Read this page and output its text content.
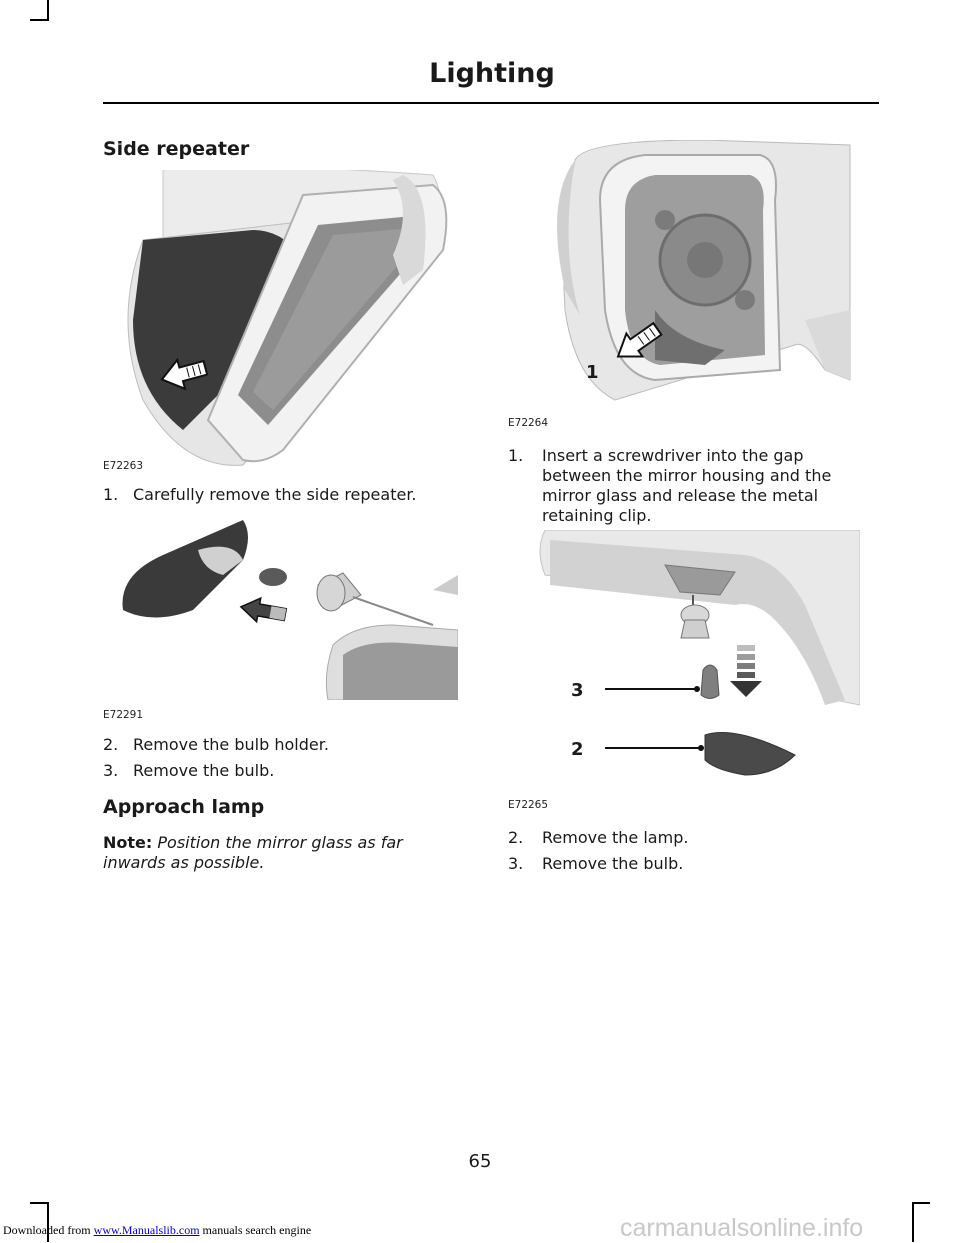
Lighting
Side repeater
E72263
1. Carefully remove the side repeater.
E72291
2. Remove the bulb holder.
3. Remove the bulb.
Approach lamp
Note: Position the mirror glass as far inwards as possible.
1
E72264
1.	Insert a screwdriver into the gap between the mirror housing and the mirror glass and release the metal retaining clip.
3
2
E72265
2. Remove the lamp.
3. Remove the bulb.
65
Downloaded from www.Manualslib.com manuals search engine	carmanualsonline.info
